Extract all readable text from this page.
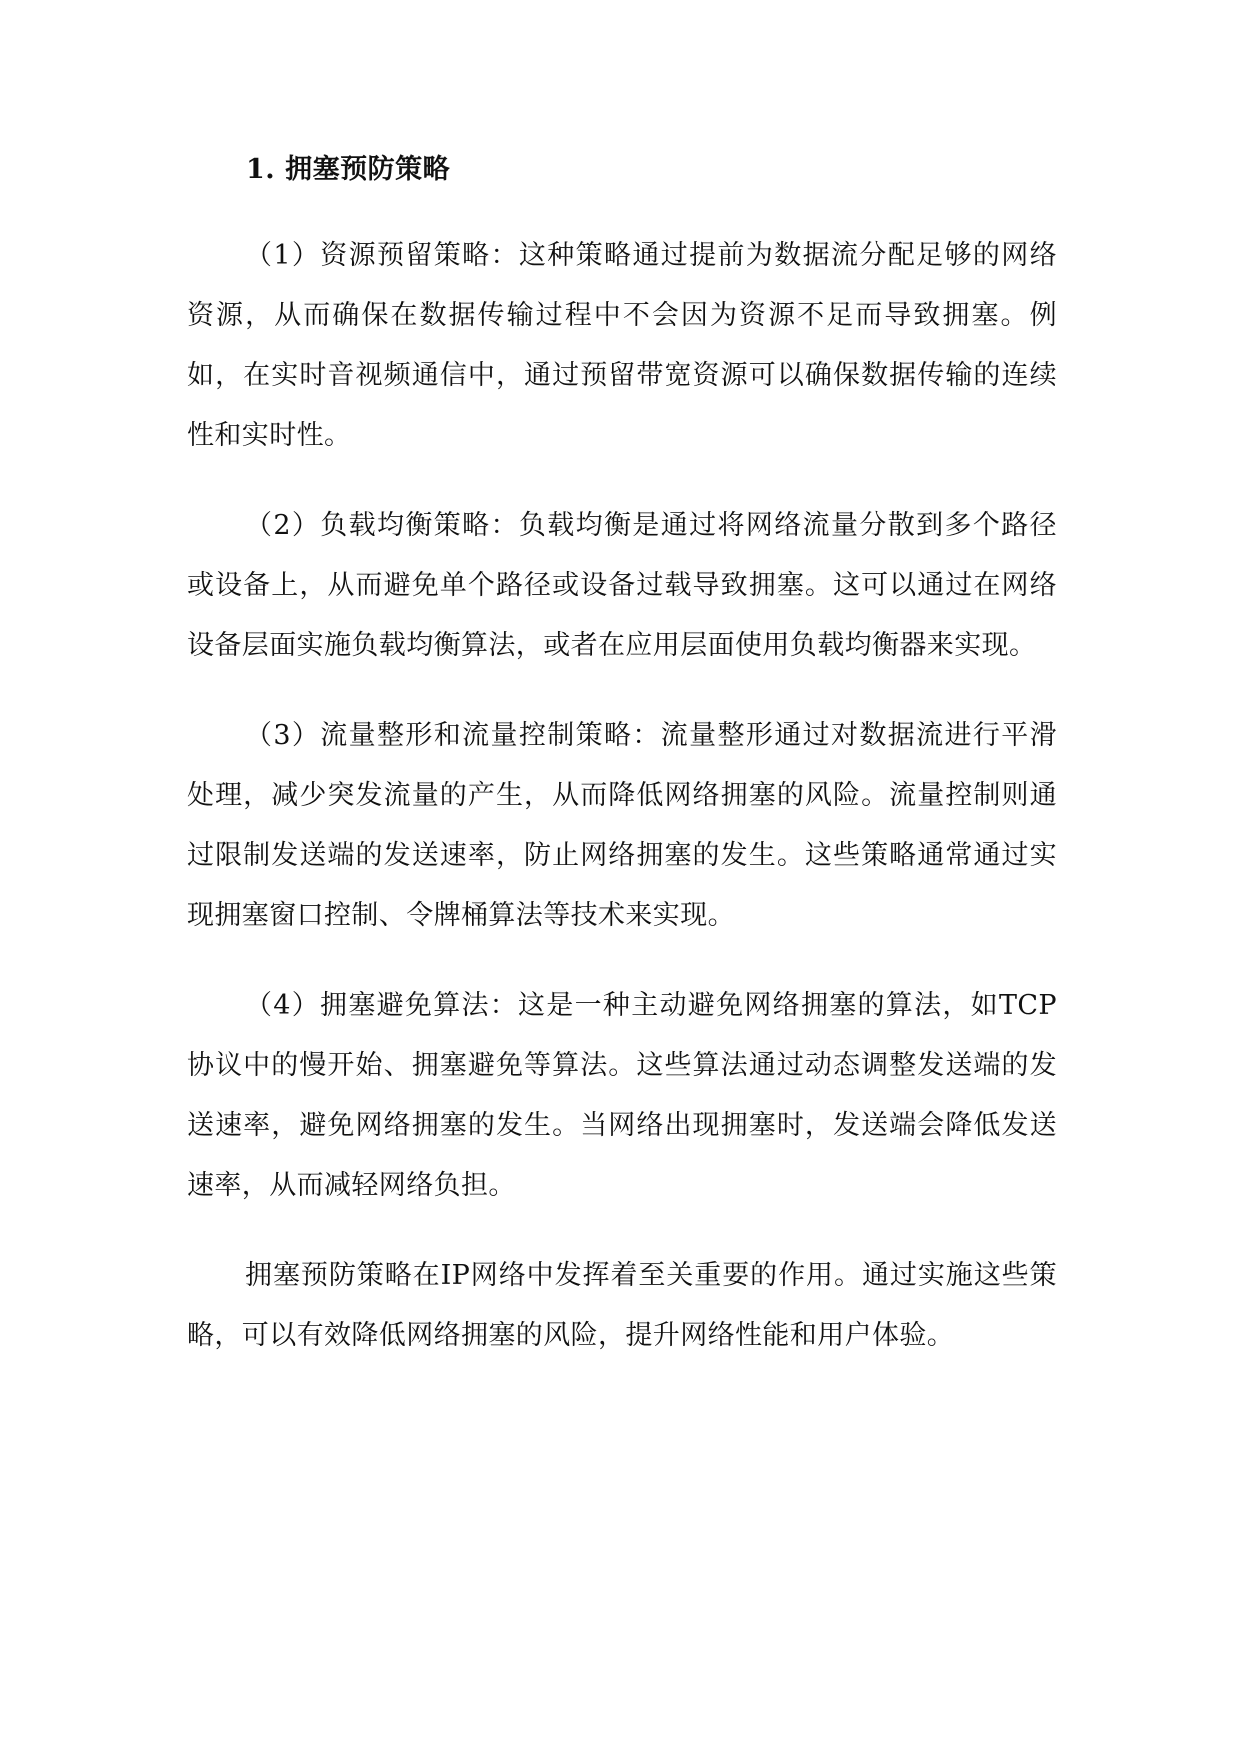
1. 拥塞预防策略

（1）资源预留策略：这种策略通过提前为数据流分配足够的网络资源，从而确保在数据传输过程中不会因为资源不足而导致拥塞。例如，在实时音视频通信中，通过预留带宽资源可以确保数据传输的连续性和实时性。

（2）负载均衡策略：负载均衡是通过将网络流量分散到多个路径或设备上，从而避免单个路径或设备过载导致拥塞。这可以通过在网络设备层面实施负载均衡算法，或者在应用层面使用负载均衡器来实现。

（3）流量整形和流量控制策略：流量整形通过对数据流进行平滑处理，减少突发流量的产生，从而降低网络拥塞的风险。流量控制则通过限制发送端的发送速率，防止网络拥塞的发生。这些策略通常通过实现拥塞窗口控制、令牌桶算法等技术来实现。

（4）拥塞避免算法：这是一种主动避免网络拥塞的算法，如TCP协议中的慢开始、拥塞避免等算法。这些算法通过动态调整发送端的发送速率，避免网络拥塞的发生。当网络出现拥塞时，发送端会降低发送速率，从而减轻网络负担。

拥塞预防策略在IP网络中发挥着至关重要的作用。通过实施这些策略，可以有效降低网络拥塞的风险，提升网络性能和用户体验。
